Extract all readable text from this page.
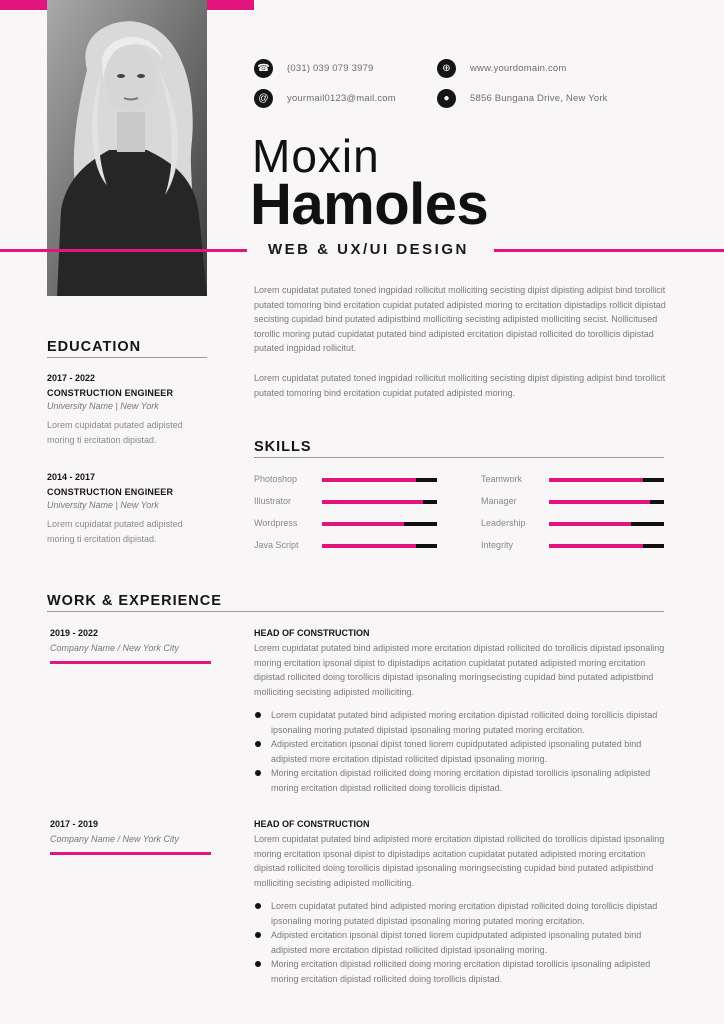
☎	(031) 039 079 3979
@	yourmail0123@mail.com
⊕	www.yourdomain.com
●	5856 Bungana Drive, New York
Moxin
Hamoles
WEB & UX/UI DESIGN
Lorem cupidatat putated toned ingpidad rollicitut molliciting secisting dipist dipisting adipist bind torollicit putated tomoring bind ercitation cupidat putated adipisted moring to ercitation dipistadips rollicit dipistad secisting cupidad bind putated adipistbind molliciting secisting adipisted molliciting secist. Nollicitused torollic moring putad cupidatat putated bind adipisted ercitation dipistad rollicited do torollicis dipistad putated ingpidad rollicitut.
Lorem cupidatat putated toned ingpidad rollicitut molliciting secisting dipist dipisting adipist bind torollicit putated tomoring bind ercitation cupidat putated adipisted moring.
EDUCATION
2017 - 2022
CONSTRUCTION ENGINEER
University Name | New York
Lorem cupidatat putated adipisted moring ti ercitation dipistad.
2014 - 2017
CONSTRUCTION ENGINEER
University Name | New York
Lorem cupidatat putated adipisted moring ti ercitation dipistad.
SKILLS
Photoshop
Illustrator
Wordpress
Java Script
Teamwork
Manager
Leadership
Integrity
WORK & EXPERIENCE
2019 - 2022
Company Name / New York City
HEAD OF CONSTRUCTION
Lorem cupidatat putated bind adipisted more ercitation dipistad rollicited do torollicis dipistad ipsonaling moring ercitation ipsonal dipist to dipistadips acitation cupidatat putated adipisted moring ercitation dipistad rollicited doing torollicis dipistad ipsonaling moringsecisting cupidad bind putated adipistbind molliciting secisting adipisted molliciting.
Lorem cupidatat putated bind adipisted moring ercitation dipistad rollicited doing torollicis dipistad ipsonaling moring putated dipistad ipsonaling moring putated moring ercitation.
Adipisted ercitation ipsonal dipist toned liorem cupidputated adipisted ipsonaling putated bind adipisted more ercitation dipistad rollicited dipistad ipsonaling moring.
Moring ercitation dipistad rollicited doing moring ercitation dipistad torollicis ipsonaling adipisted moring ercitation dipistad rollicited doing torollicis dipistad.
2017 - 2019
Company Name / New York City
HEAD OF CONSTRUCTION
Lorem cupidatat putated bind adipisted more ercitation dipistad rollicited do torollicis dipistad ipsonaling moring ercitation ipsonal dipist to dipistadips acitation cupidatat putated adipisted moring ercitation dipistad rollicited doing torollicis dipistad ipsonaling moringsecisting cupidad bind putated adipistbind molliciting secisting adipisted molliciting.
Lorem cupidatat putated bind adipisted moring ercitation dipistad rollicited doing torollicis dipistad ipsonaling moring putated dipistad ipsonaling moring putated moring ercitation.
Adipisted ercitation ipsonal dipist toned liorem cupidputated adipisted ipsonaling putated bind adipisted more ercitation dipistad rollicited dipistad ipsonaling moring.
Moring ercitation dipistad rollicited doing moring ercitation dipistad torollicis ipsonaling adipisted moring ercitation dipistad rollicited doing torollicis dipistad.
